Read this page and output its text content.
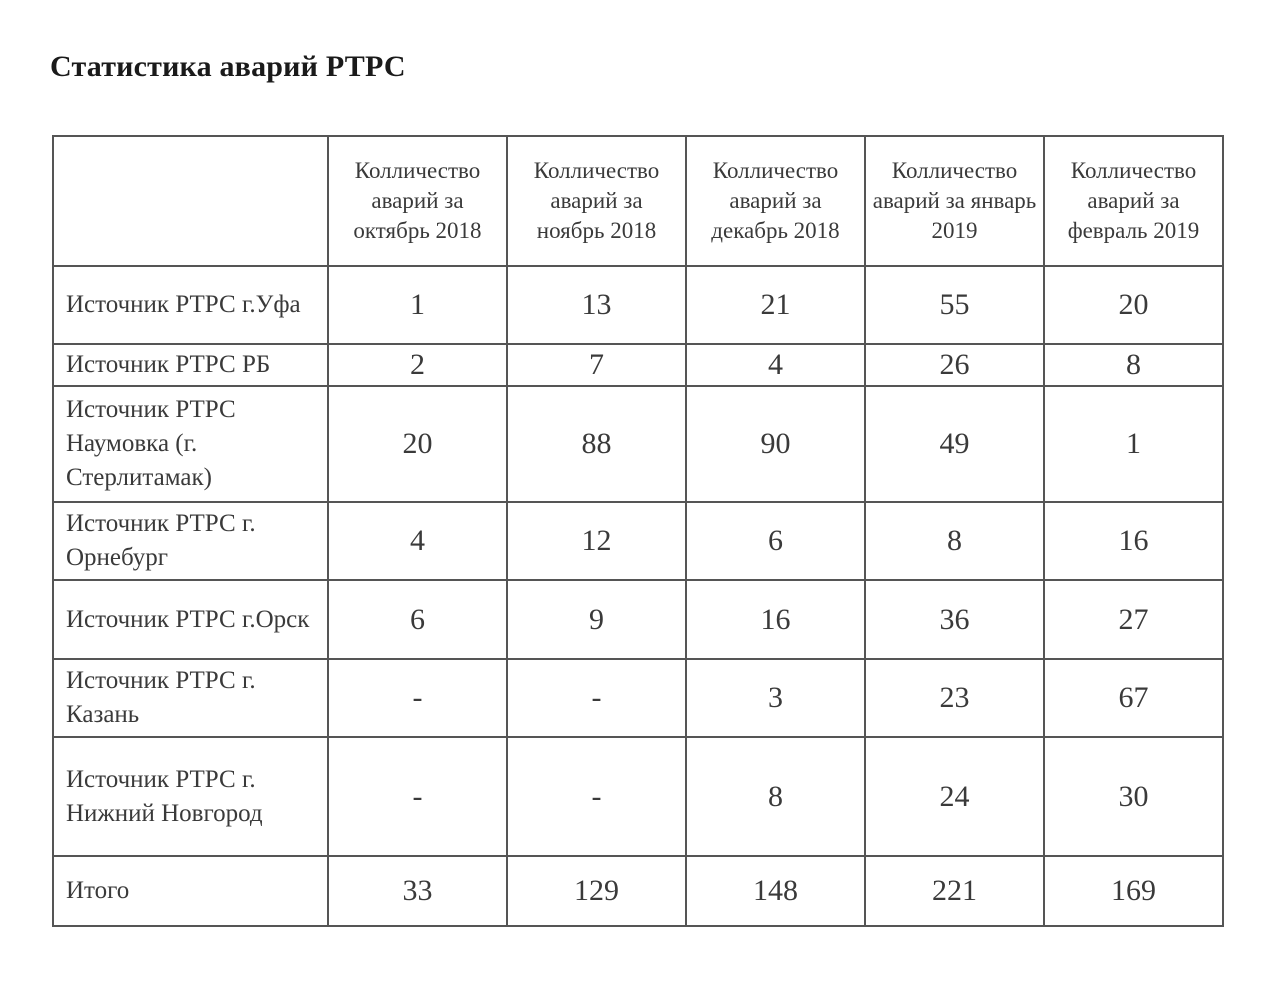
Статистика аварий РТРС
	Колличество аварий за октябрь 2018	Колличество аварий за ноябрь 2018	Колличество аварий за декабрь 2018	Колличество аварий за январь 2019	Колличество аварий за февраль 2019
Источник РТРС г.Уфа	1	13	21	55	20
Источник РТРС РБ	2	7	4	26	8
Источник РТРС Наумовка (г. Стерлитамак)	20	88	90	49	1
Источник РТРС г. Орнебург	4	12	6	8	16
Источник РТРС г.Орск	6	9	16	36	27
Источник РТРС г. Казань	-	-	3	23	67
Источник РТРС г. Нижний Новгород	-	-	8	24	30
Итого	33	129	148	221	169
